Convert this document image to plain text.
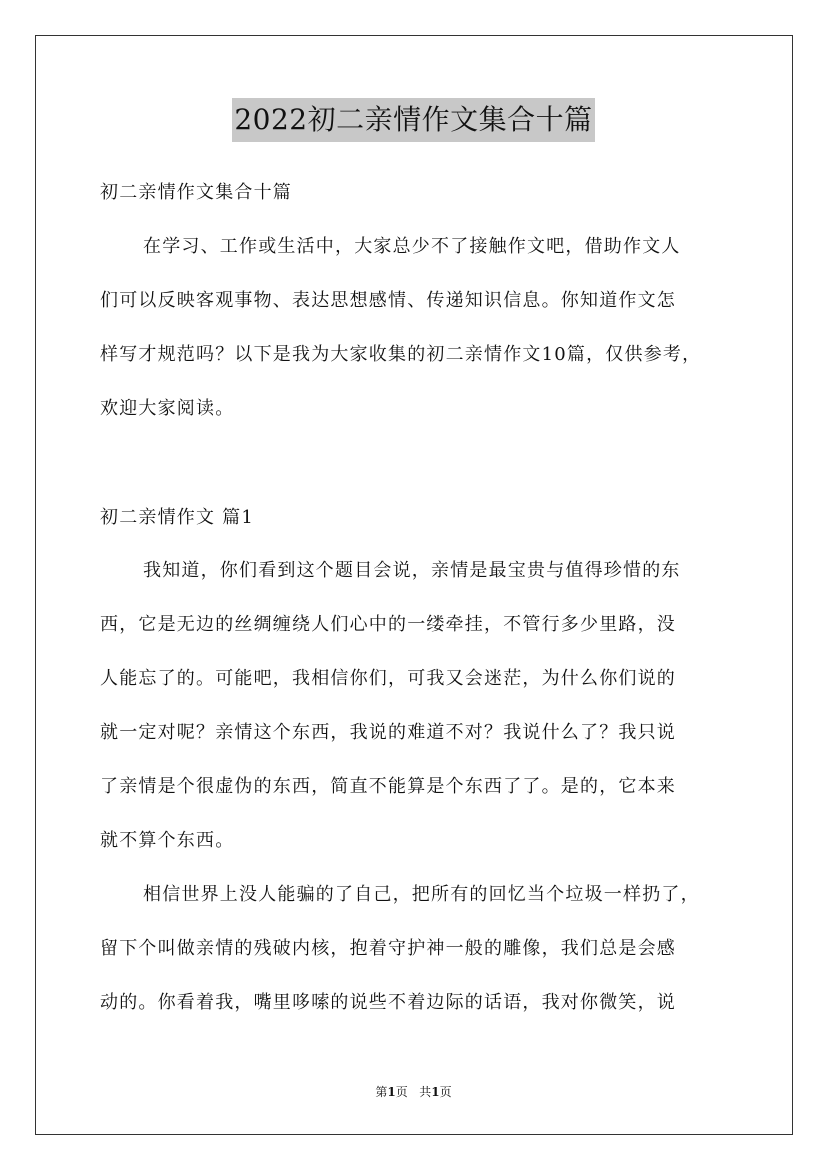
2022初二亲情作文集合十篇
初二亲情作文集合十篇
在学习、工作或生活中，大家总少不了接触作文吧，借助作文人
们可以反映客观事物、表达思想感情、传递知识信息。你知道作文怎
样写才规范吗？以下是我为大家收集的初二亲情作文10篇，仅供参考，
欢迎大家阅读。
初二亲情作文 篇1
我知道，你们看到这个题目会说，亲情是最宝贵与值得珍惜的东
西，它是无边的丝绸缠绕人们心中的一缕牵挂，不管行多少里路，没
人能忘了的。可能吧，我相信你们，可我又会迷茫，为什么你们说的
就一定对呢？亲情这个东西，我说的难道不对？我说什么了？我只说
了亲情是个很虚伪的东西，简直不能算是个东西了了。是的，它本来
就不算个东西。
相信世界上没人能骗的了自己，把所有的回忆当个垃圾一样扔了，
留下个叫做亲情的残破内核，抱着守护神一般的雕像，我们总是会感
动的。你看着我，嘴里哆嗦的说些不着边际的话语，我对你微笑，说
第1页 共1页
